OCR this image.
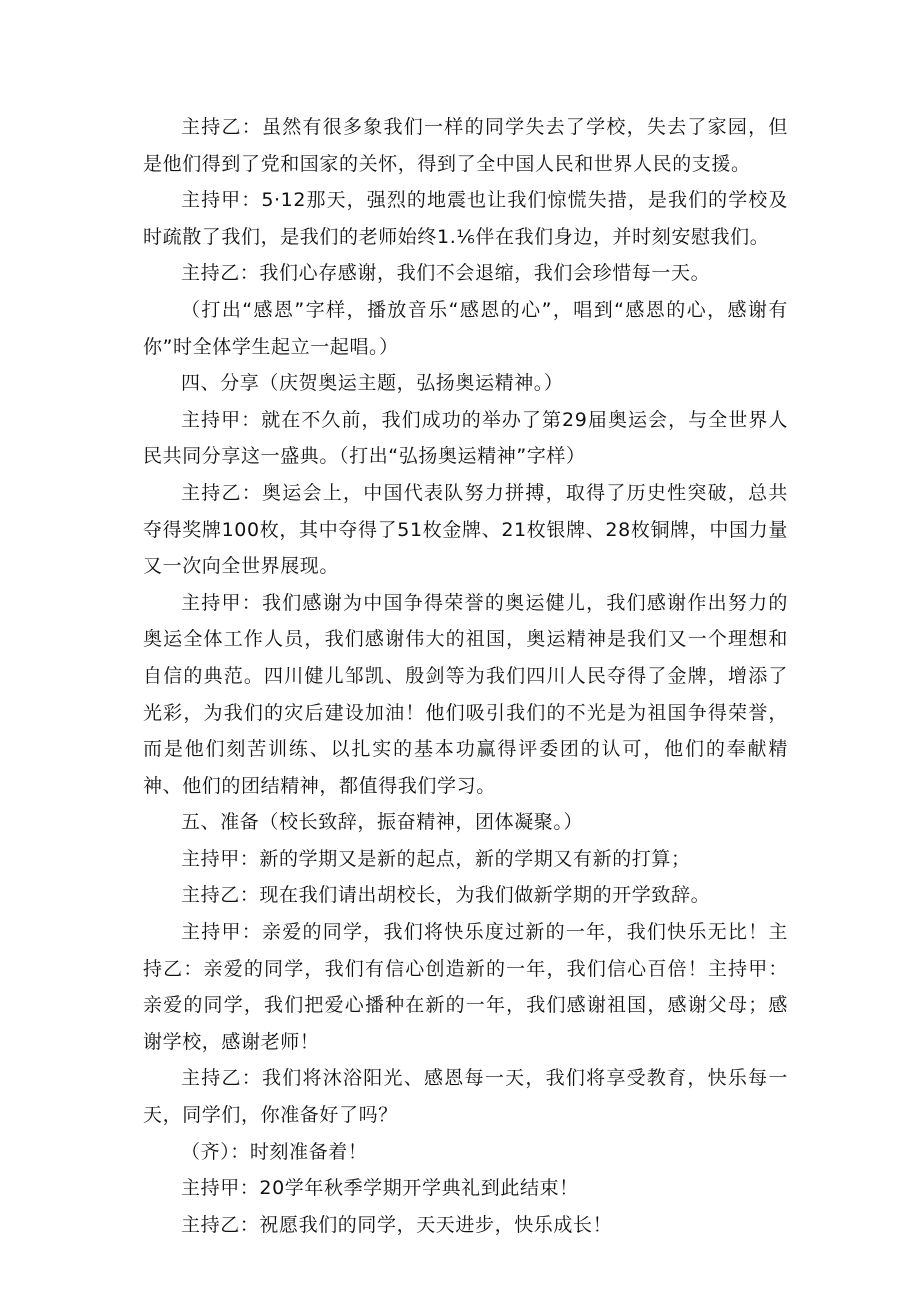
主持乙：虽然有很多象我们一样的同学失去了学校，失去了家园，但是他们得到了党和国家的关怀，得到了全中国人民和世界人民的支援。

主持甲：5·12那天，强烈的地震也让我们惊慌失措，是我们的学校及时疏散了我们，是我们的老师始终1.⅙伴在我们身边，并时刻安慰我们。

主持乙：我们心存感谢，我们不会退缩，我们会珍惜每一天。

（打出“感恩”字样，播放音乐“感恩的心”，唱到“感恩的心，感谢有你”时全体学生起立一起唱。）

四、分享（庆贺奥运主题，弘扬奥运精神。）

主持甲：就在不久前，我们成功的举办了第29届奥运会，与全世界人民共同分享这一盛典。（打出“弘扬奥运精神”字样）

主持乙：奥运会上，中国代表队努力拼搏，取得了历史性突破，总共夺得奖牌100枚，其中夺得了51枚金牌、21枚银牌、28枚铜牌，中国力量又一次向全世界展现。

主持甲：我们感谢为中国争得荣誉的奥运健儿，我们感谢作出努力的奥运全体工作人员，我们感谢伟大的祖国，奥运精神是我们又一个理想和自信的典范。四川健儿邹凯、殷剑等为我们四川人民夺得了金牌，增添了光彩，为我们的灾后建设加油！他们吸引我们的不光是为祖国争得荣誉，而是他们刻苦训练、以扎实的基本功赢得评委团的认可，他们的奉献精神、他们的团结精神，都值得我们学习。

五、准备（校长致辞，振奋精神，团体凝聚。）

主持甲：新的学期又是新的起点，新的学期又有新的打算；

主持乙：现在我们请出胡校长，为我们做新学期的开学致辞。

主持甲：亲爱的同学，我们将快乐度过新的一年，我们快乐无比！主持乙：亲爱的同学，我们有信心创造新的一年，我们信心百倍！主持甲：亲爱的同学，我们把爱心播种在新的一年，我们感谢祖国，感谢父母；感谢学校，感谢老师！

主持乙：我们将沐浴阳光、感恩每一天，我们将享受教育，快乐每一天，同学们，你准备好了吗？

（齐）：时刻准备着！

主持甲：20学年秋季学期开学典礼到此结束！

主持乙：祝愿我们的同学，天天进步，快乐成长！
